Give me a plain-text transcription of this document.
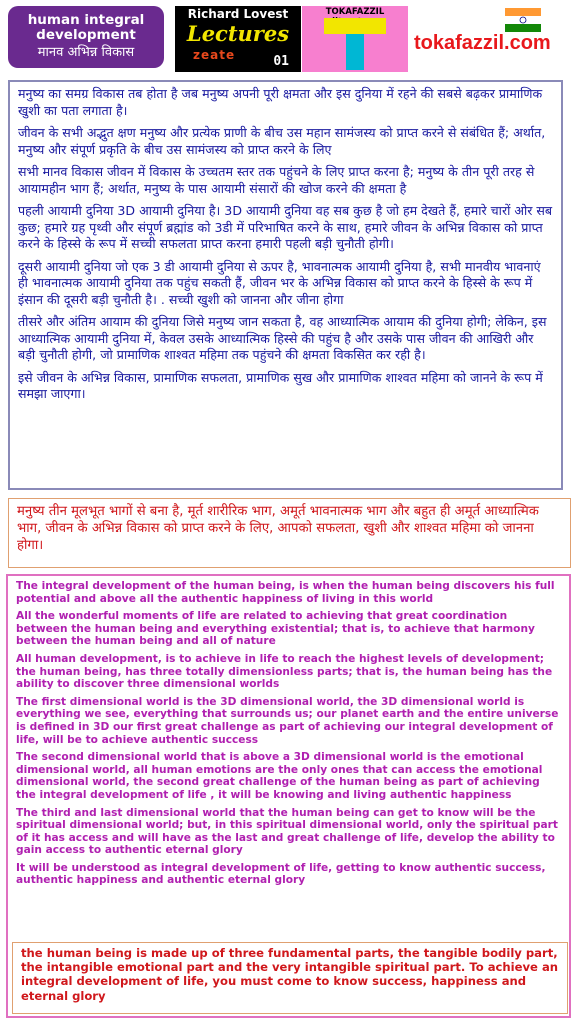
human integral development
मानव अभिन्न विकास
Richard Lovest
Lectures
zeate	01
TOKAFAZZIL
tokafazzil.com

मनुष्य का समग्र विकास तब होता है जब मनुष्य अपनी पूरी क्षमता और इस दुनिया में रहने की सबसे बढ़कर प्रामाणिक खुशी का पता लगाता है।

जीवन के सभी अद्भुत क्षण मनुष्य और प्रत्येक प्राणी के बीच उस महान सामंजस्य को प्राप्त करने से संबंधित हैं; अर्थात, मनुष्य और संपूर्ण प्रकृति के बीच उस सामंजस्य को प्राप्त करने के लिए

सभी मानव विकास जीवन में विकास के उच्चतम स्तर तक पहुंचने के लिए प्राप्त करना है; मनुष्य के तीन पूरी तरह से आयामहीन भाग हैं; अर्थात, मनुष्य के पास आयामी संसारों की खोज करने की क्षमता है

पहली आयामी दुनिया 3D आयामी दुनिया है। 3D आयामी दुनिया वह सब कुछ है जो हम देखते हैं, हमारे चारों ओर सब कुछ; हमारे ग्रह पृथ्वी और संपूर्ण ब्रह्मांड को 3डी में परिभाषित करने के साथ, हमारे जीवन के अभिन्न विकास को प्राप्त करने के हिस्से के रूप में सच्ची सफलता प्राप्त करना हमारी पहली बड़ी चुनौती होगी।

दूसरी आयामी दुनिया जो एक 3 डी आयामी दुनिया से ऊपर है, भावनात्मक आयामी दुनिया है, सभी मानवीय भावनाएं ही भावनात्मक आयामी दुनिया तक पहुंच सकती हैं, जीवन भर के अभिन्न विकास को प्राप्त करने के हिस्से के रूप में इंसान की दूसरी बड़ी चुनौती है। . सच्ची खुशी को जानना और जीना होगा

तीसरे और अंतिम आयाम की दुनिया जिसे मनुष्य जान सकता है, वह आध्यात्मिक आयाम की दुनिया होगी; लेकिन, इस आध्यात्मिक आयामी दुनिया में, केवल उसके आध्यात्मिक हिस्से की पहुंच है और उसके पास जीवन की आखिरी और बड़ी चुनौती होगी, जो प्रामाणिक शाश्वत महिमा तक पहुंचने की क्षमता विकसित कर रही है।

इसे जीवन के अभिन्न विकास, प्रामाणिक सफलता, प्रामाणिक सुख और प्रामाणिक शाश्वत महिमा को जानने के रूप में समझा जाएगा।

मनुष्य तीन मूलभूत भागों से बना है, मूर्त शारीरिक भाग, अमूर्त भावनात्मक भाग और बहुत ही अमूर्त आध्यात्मिक भाग, जीवन के अभिन्न विकास को प्राप्त करने के लिए, आपको सफलता, खुशी और शाश्वत महिमा को जानना होगा।

The integral development of the human being, is when the human being discovers his full potential and above all the authentic happiness of living in this world

All the wonderful moments of life are related to achieving that great coordination between the human being and everything existential; that is, to achieve that harmony between the human being and all of nature

All human development, is to achieve in life to reach the highest levels of development; the human being, has three totally dimensionless parts; that is, the human being has the ability to discover three dimensional worlds

The first dimensional world is the 3D dimensional world, the 3D dimensional world is everything we see, everything that surrounds us; our planet earth and the entire universe is defined in 3D our first great challenge as part of achieving our integral development of life, will be to achieve authentic success

The second dimensional world that is above a 3D dimensional world is the emotional dimensional world, all human emotions are the only ones that can access the emotional dimensional world, the second great challenge of the human being as part of achieving the integral development of life , it will be knowing and living authentic happiness

The third and last dimensional world that the human being can get to know will be the spiritual dimensional world; but, in this spiritual dimensional world, only the spiritual part of it has access and will have as the last and great challenge of life, develop the ability to gain access to authentic eternal glory

It will be understood as integral development of life, getting to know authentic success, authentic happiness and authentic eternal glory

the human being is made up of three fundamental parts, the tangible bodily part, the intangible emotional part and the very intangible spiritual part. To achieve an integral development of life, you must come to know success, happiness and eternal glory
